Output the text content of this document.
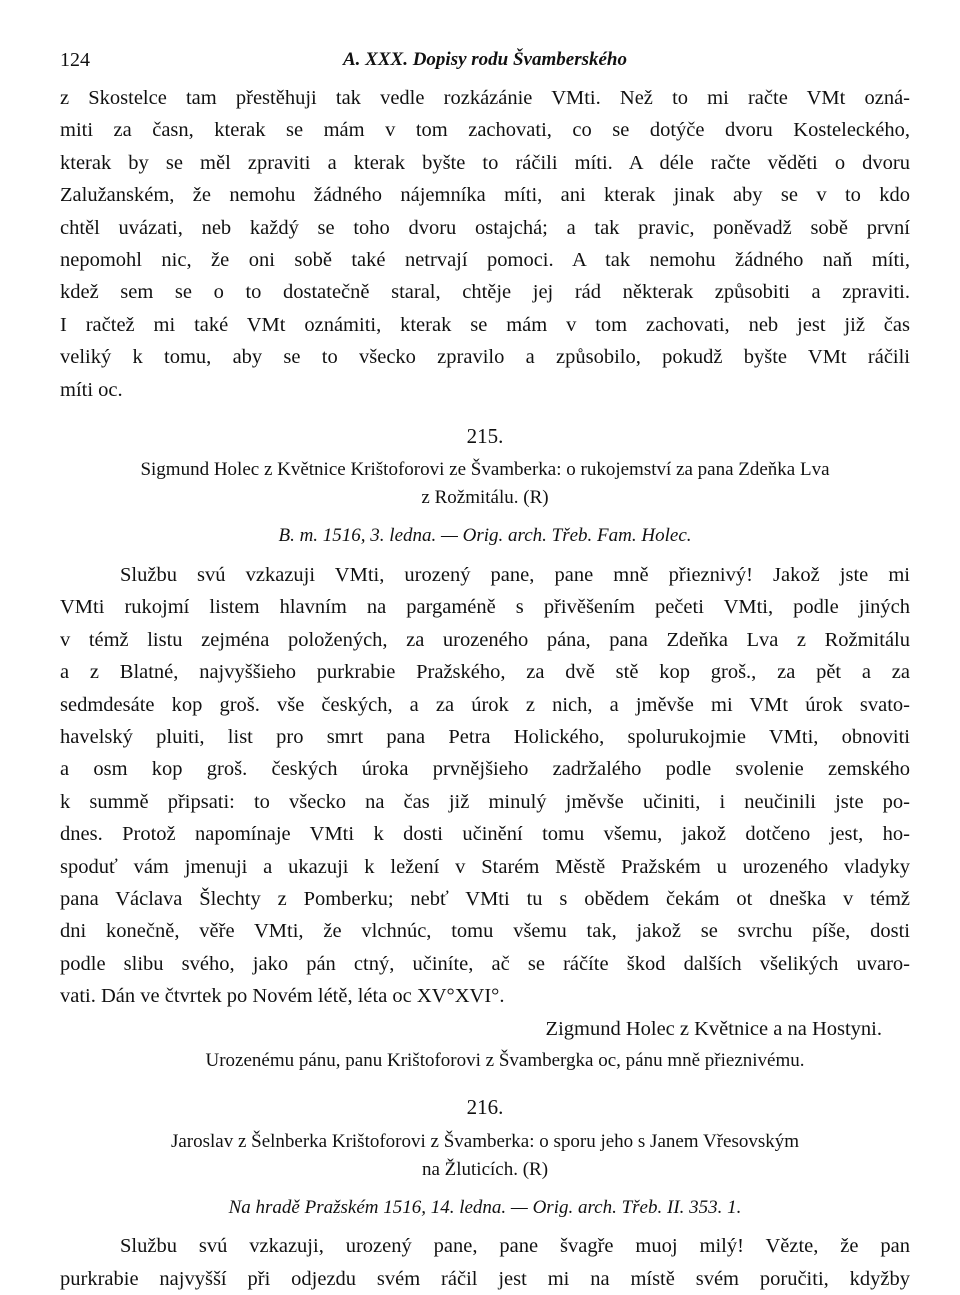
124	A. XXX. Dopisy rodu Švamberského
z Skostelce tam přestěhuji tak vedle rozkázánie VMti. Než to mi račte VMt ozná-
miti za časn, kterak se mám v tom zachovati, co se dotýče dvoru Kosteleckého,
kterak by se měl zpraviti a kterak byšte to ráčili míti. A déle račte věděti o dvoru
Zalužanském, že nemohu žádného nájemníka míti, ani kterak jinak aby se v to kdo
chtěl uvázati, neb každý se toho dvoru ostajchá; a tak pravic, poněvadž sobě první
nepomohl nic, že oni sobě také netrvají pomoci. A tak nemohu žádného naň míti,
kdež sem se o to dostatečně staral, chtěje jej rád některak způsobiti a zpraviti.
I račtež mi také VMt oznámiti, kterak se mám v tom zachovati, neb jest již čas
veliký k tomu, aby se to všecko zpravilo a způsobilo, pokudž byšte VMt ráčili
míti oc.
215.
Sigmund Holec z Květnice Krištoforovi ze Švamberka: o rukojemství za pana Zdeňka Lva
z Rožmitálu. (R)
B. m. 1516, 3. ledna. — Orig. arch. Třeb. Fam. Holec.
Službu svú vzkazuji VMti, urozený pane, pane mně přieznivý! Jakož jste mi
VMti rukojmí listem hlavním na pargaméně s přivěšením pečeti VMti, podle jiných
v témž listu zejména položených, za urozeného pána, pana Zdeňka Lva z Rožmitálu
a z Blatné, najvyššieho purkrabie Pražského, za dvě stě kop groš., za pět a za
sedmdesáte kop groš. vše českých, a za úrok z nich, a jměvše mi VMt úrok svato-
havelský pluiti, list pro smrt pana Petra Holického, spolurukojmie VMti, obnoviti
a osm kop groš. českých úroka prvnějšieho zadržalého podle svolenie zemského
k summě připsati: to všecko na čas již minulý jměvše učiniti, i neučinili jste po-
dnes. Protož napomínaje VMti k dosti učinění tomu všemu, jakož dotčeno jest, ho-
spoduť vám jmenuji a ukazuji k ležení v Starém Městě Pražském u urozeného vladyky
pana Václava Šlechty z Pomberku; nebť VMti tu s obědem čekám ot dneška v témž
dni konečně, věře VMti, že vlchnúc, tomu všemu tak, jakož se svrchu píše, dosti
podle slibu svého, jako pán ctný, učiníte, ač se ráčíte škod dalších všelikých uvaro-
vati. Dán ve čtvrtek po Novém létě, léta oc XV°XVI°.
Zigmund Holec z Květnice a na Hostyni.
Urozenému pánu, panu Krištoforovi z Švambergka oc, pánu mně přieznivému.
216.
Jaroslav z Šelnberka Krištoforovi z Švamberka: o sporu jeho s Janem Vřesovským
na Žluticích. (R)
Na hradě Pražském 1516, 14. ledna. — Orig. arch. Třeb. II. 353. 1.
Službu svú vzkazuji, urozený pane, pane švagře muoj milý! Vězte, že pan
purkrabie najvyšší při odjezdu svém ráčil jest mi na místě svém poručiti, kdyžby
